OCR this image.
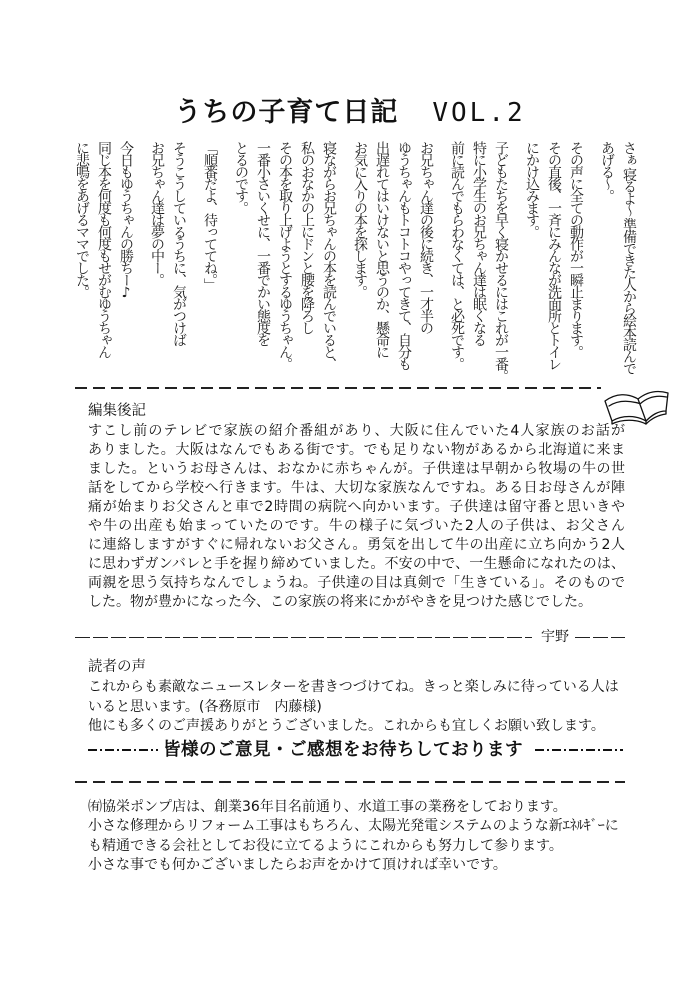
うちの子育て日記 VOL.2
さぁ 寝るよ〜 準備できた人から絵本読んで
あげる〜。
その声に全ての動作が一瞬止まります。
その直後、一斉にみんなが洗面所とトイレ
にかけ込みます。
子どもたちを早く寝かせるにはこれが一番。
特に小学生のお兄ちゃん達は眠くなる
前に読んでもらわなくては、と必死です。
お兄ちゃん達の後に続き、一才半の
ゆうちゃんもトコトコやってきて、自分も
出遅れてはいけないと思うのか、懸命に
お気に入りの本を探します。
寝ながらお兄ちゃんの本を読んでいると、
私のおなかの上にドンと腰を降ろし
その本を取り上げようとするゆうちゃん。
一番小さいくせに、一番でかい態度を
とるのです。
「順番だよ、待っててね。」
そうこうしているうちに、気がつけば
お兄ちゃん達は夢の中ー。
今日もゆうちゃんの勝ちー♪
同じ本を何度も何度もせがむゆうちゃん
に悲鳴をあげるママでした。
編集後記
すこし前のテレビで家族の紹介番組があり、大阪に住んでいた4人家族のお話が
ありました。大阪はなんでもある街です。でも足りない物があるから北海道に来ま
ました。というお母さんは、おなかに赤ちゃんが。子供達は早朝から牧場の牛の世
話をしてから学校へ行きます。牛は、大切な家族なんですね。ある日お母さんが陣
痛が始まりお父さんと車で2時間の病院へ向かいます。子供達は留守番と思いきや
や牛の出産も始まっていたのです。牛の様子に気づいた2人の子供は、お父さん
に連絡しますがすぐに帰れないお父さん。勇気を出して牛の出産に立ち向かう2人
に思わずガンバレと手を握り締めていました。不安の中で、一生懸命になれたのは、
両親を思う気持ちなんでしょうね。子供達の目は真剣で「生きている」。そのもので
した。物が豊かになった今、この家族の将来にかがやきを見つけた感じでした。
宇野
読者の声
これからも素敵なニュースレターを書きつづけてね。きっと楽しみに待っている人は
いると思います。(各務原市　内藤様)
他にも多くのご声援ありがとうございました。これからも宜しくお願い致します。
皆様のご意見・ご感想をお待ちしております
㈲協栄ポンプ店は、創業36年目名前通り、水道工事の業務をしております。
小さな修理からリフォーム工事はもちろん、太陽光発電システムのような新ｴﾈﾙｷﾞｰに
も精通できる会社としてお役に立てるようにこれからも努力して参ります。
小さな事でも何かございましたらお声をかけて頂ければ幸いです。
